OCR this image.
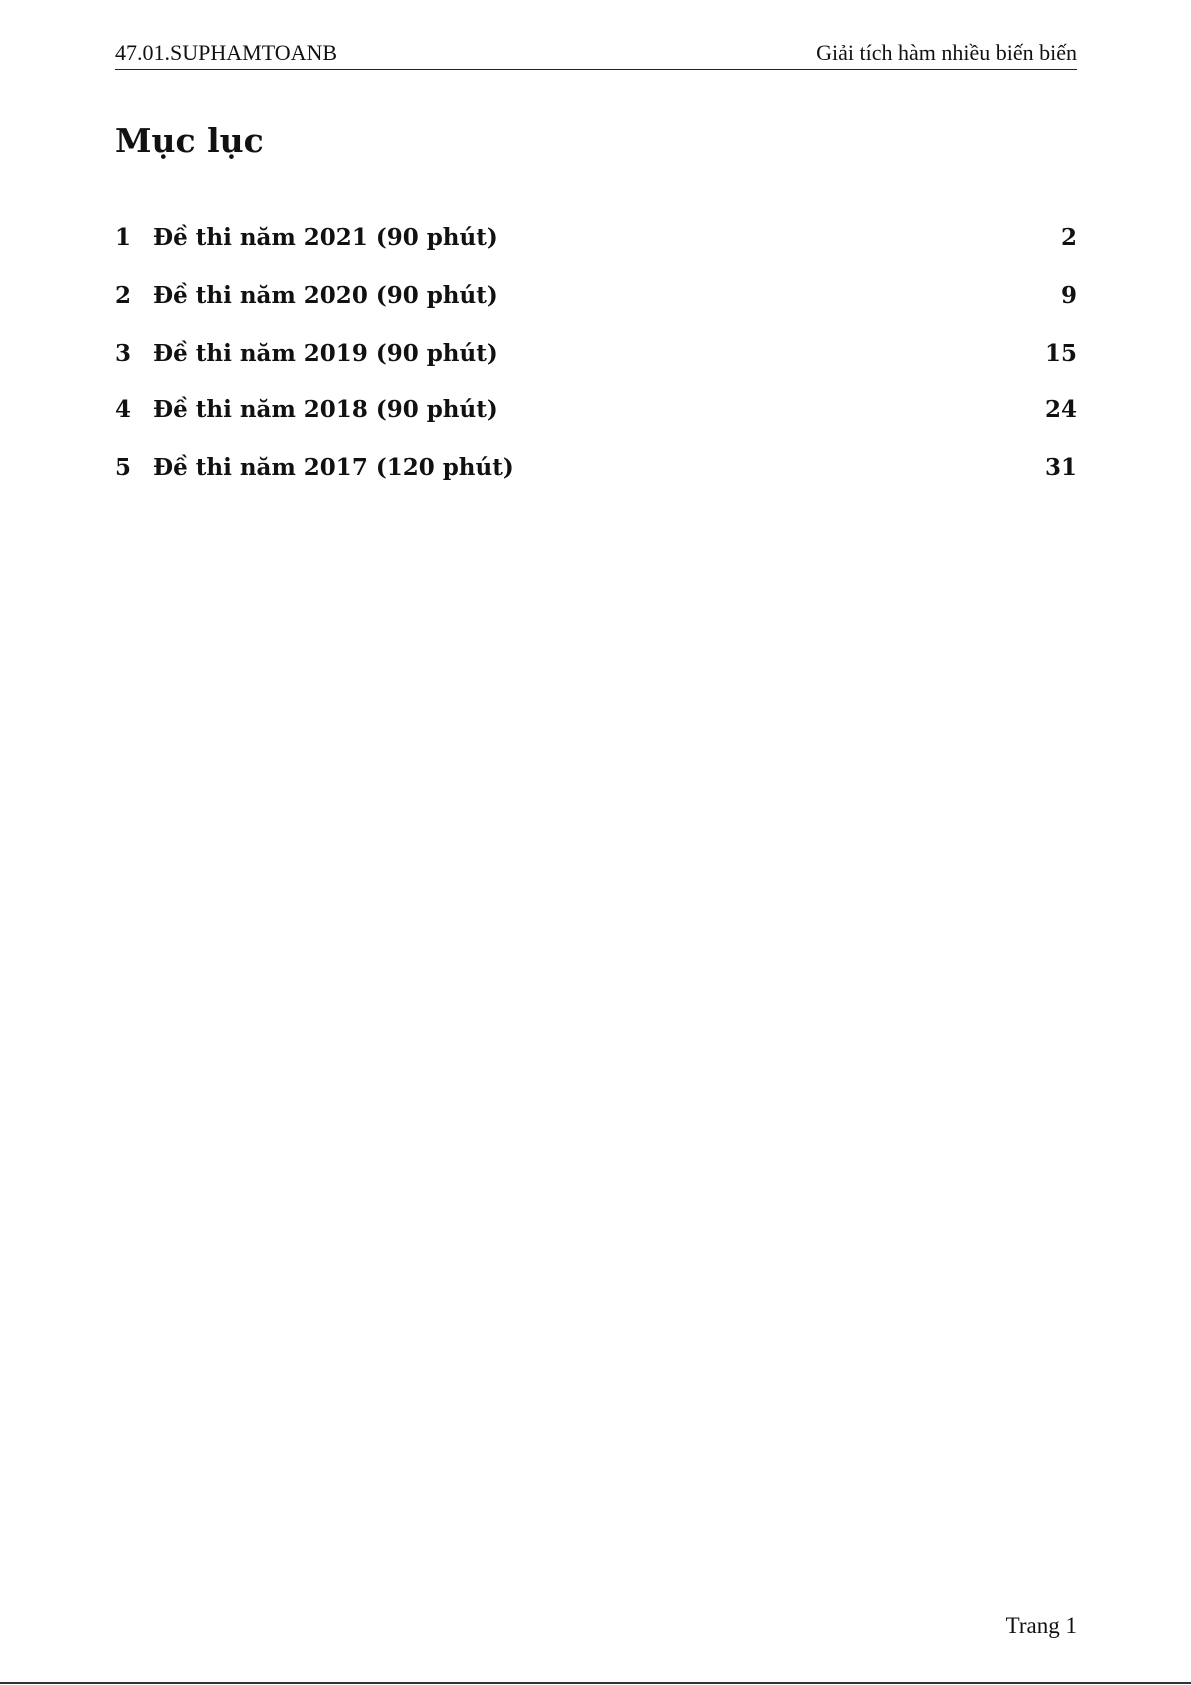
47.01.SUPHAMTOANB	Giải tích hàm nhiều biến biến
Mục lục
1 Đề thi năm 2021 (90 phút)	2
2 Đề thi năm 2020 (90 phút)	9
3 Đề thi năm 2019 (90 phút)	15
4 Đề thi năm 2018 (90 phút)	24
5 Đề thi năm 2017 (120 phút)	31
Trang 1
